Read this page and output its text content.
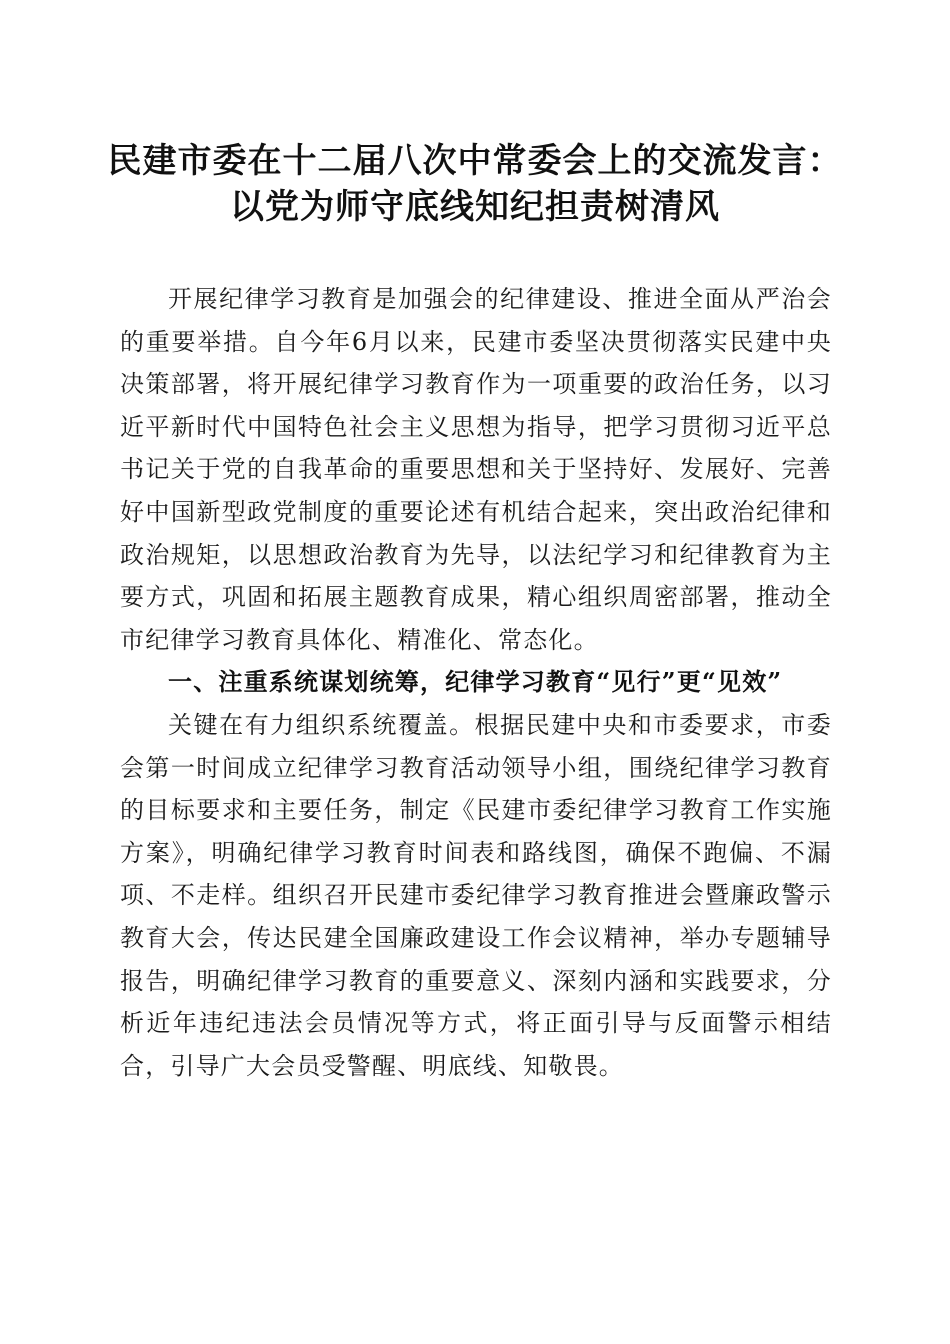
民建市委在十二届八次中常委会上的交流发言：
以党为师守底线知纪担责树清风

开展纪律学习教育是加强会的纪律建设、推进全面从严治会的重要举措。自今年6月以来，民建市委坚决贯彻落实民建中央决策部署，将开展纪律学习教育作为一项重要的政治任务，以习近平新时代中国特色社会主义思想为指导，把学习贯彻习近平总书记关于党的自我革命的重要思想和关于坚持好、发展好、完善好中国新型政党制度的重要论述有机结合起来，突出政治纪律和政治规矩，以思想政治教育为先导，以法纪学习和纪律教育为主要方式，巩固和拓展主题教育成果，精心组织周密部署，推动全市纪律学习教育具体化、精准化、常态化。

一、注重系统谋划统筹，纪律学习教育“见行”更“见效”

关键在有力组织系统覆盖。根据民建中央和市委要求，市委会第一时间成立纪律学习教育活动领导小组，围绕纪律学习教育的目标要求和主要任务，制定《民建市委纪律学习教育工作实施方案》，明确纪律学习教育时间表和路线图，确保不跑偏、不漏项、不走样。组织召开民建市委纪律学习教育推进会暨廉政警示教育大会，传达民建全国廉政建设工作会议精神，举办专题辅导报告，明确纪律学习教育的重要意义、深刻内涵和实践要求，分析近年违纪违法会员情况等方式，将正面引导与反面警示相结合，引导广大会员受警醒、明底线、知敬畏。
